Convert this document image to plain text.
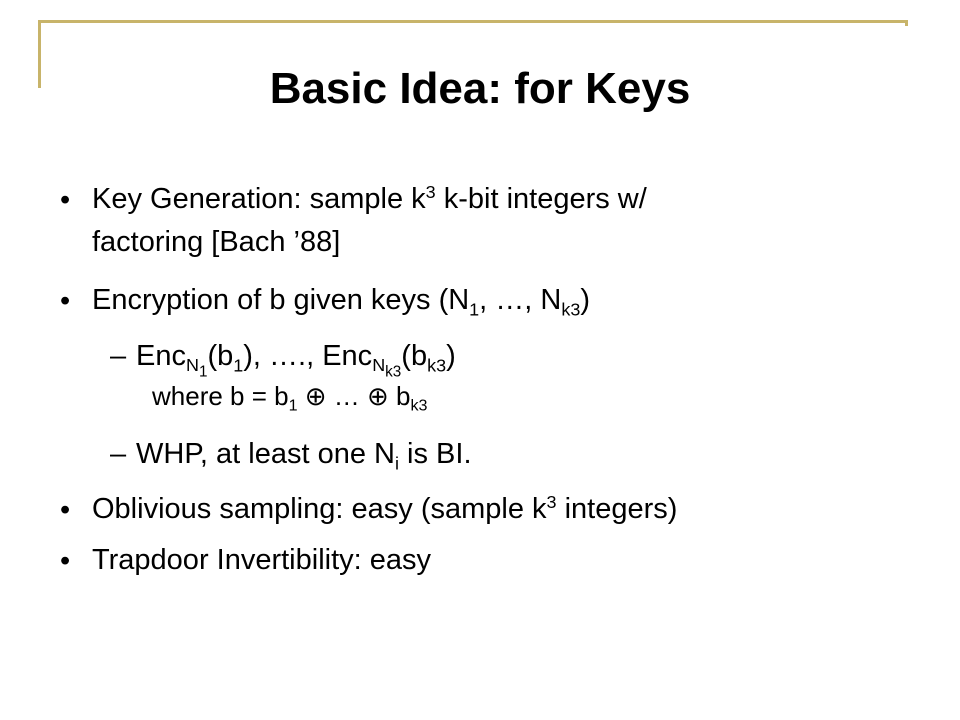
Basic Idea: for Keys
• Key Generation: sample $k^3$ k-bit integers w/
factoring [Bach ’88]
• Encryption of b given keys ($N_1$, …, $N_{k3}$)
– $Enc_{N_1}(b_1)$, …., $Enc_{N_{k3}}(b_{k3})$
where $b = b_1$ ⊕ … ⊕ $b_{k3}$
– WHP, at least one $N_i$ is BI.
• Oblivious sampling: easy (sample $k^3$ integers)
• Trapdoor Invertibility: easy
